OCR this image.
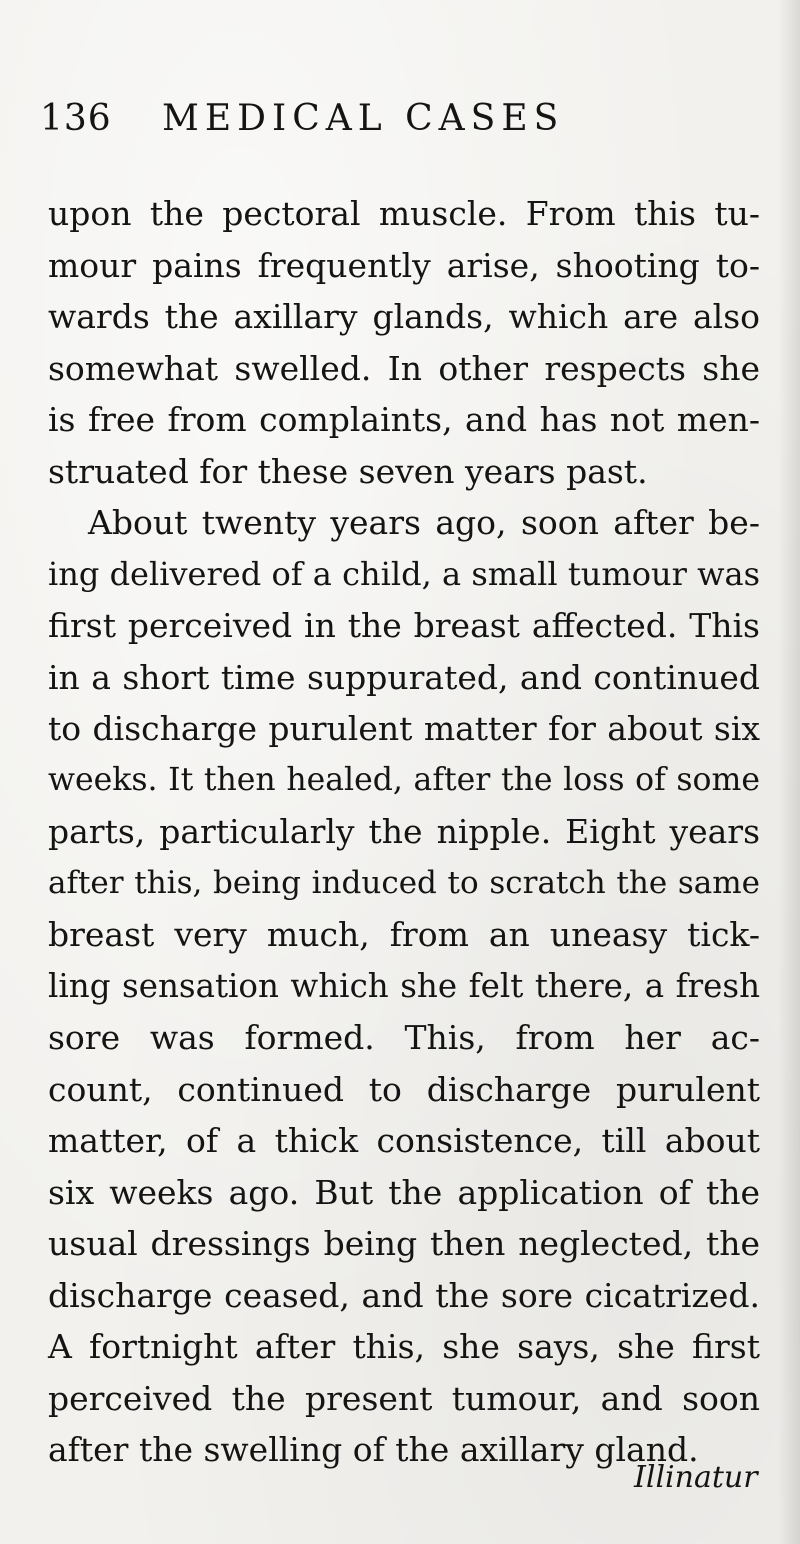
136 MEDICAL CASES
upon the pectoral muscle. From this tu-
mour pains frequently arise, shooting to-
wards the axillary glands, which are also
somewhat swelled. In other respects she
is free from complaints, and has not men-
struated for these seven years past.
About twenty years ago, soon after be-
ing delivered of a child, a small tumour was
first perceived in the breast affected. This
in a short time suppurated, and continued
to discharge purulent matter for about six
weeks. It then healed, after the loss of some
parts, particularly the nipple. Eight years
after this, being induced to scratch the same
breast very much, from an uneasy tick-
ling sensation which she felt there, a fresh
sore was formed. This, from her ac-
count, continued to discharge purulent
matter, of a thick consistence, till about
six weeks ago. But the application of the
usual dressings being then neglected, the
discharge ceased, and the sore cicatrized.
A fortnight after this, she says, she first
perceived the present tumour, and soon
after the swelling of the axillary gland.
Illinatur
